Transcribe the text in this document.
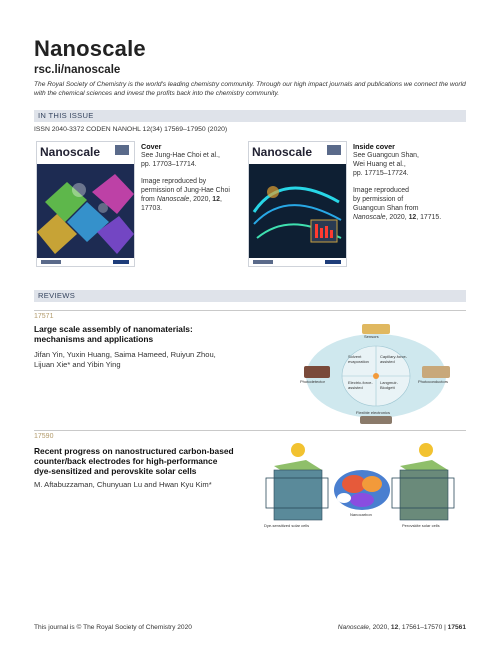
Nanoscale
rsc.li/nanoscale
The Royal Society of Chemistry is the world's leading chemistry community. Through our high impact journals and publications we connect the world with the chemical sciences and invest the profits back into the chemistry community.
IN THIS ISSUE
ISSN 2040-3372 CODEN NANOHL 12(34) 17569–17950 (2020)
Nanoscale	Cover
See Jung-Hae Choi et al.,
pp. 17703–17714.

Image reproduced by
permission of Jung-Hae Choi
from Nanoscale, 2020, 12,
17703.

Nanoscale	Inside cover
See Guangcun Shan,
Wei Huang et al.,
pp. 17715–17724.

Image reproduced
by permission of
Guangcun Shan from
Nanoscale, 2020, 12, 17715.

REVIEWS
17571
Large scale assembly of nanomaterials:
mechanisms and applications
Jifan Yin, Yuxin Huang, Saima Hameed, Ruiyun Zhou,
Lijuan Xie* and Yibin Ying
Sensors
Photodetector	Photoconductors
Flexible electronics
Solvent evaporation
Capillary-force-assisted
Electric-force-assisted
Langmuir-Blodgett
17590
Recent progress on nanostructured carbon-based
counter/back electrodes for high-performance
dye-sensitized and perovskite solar cells
M. Aftabuzzaman, Chunyuan Lu and Hwan Kyu Kim*
Dye-sensitized solar cells
Nanocarbon
Perovskite solar cells
This journal is © The Royal Society of Chemistry 2020	Nanoscale, 2020, 12, 17561–17570 | 17561
